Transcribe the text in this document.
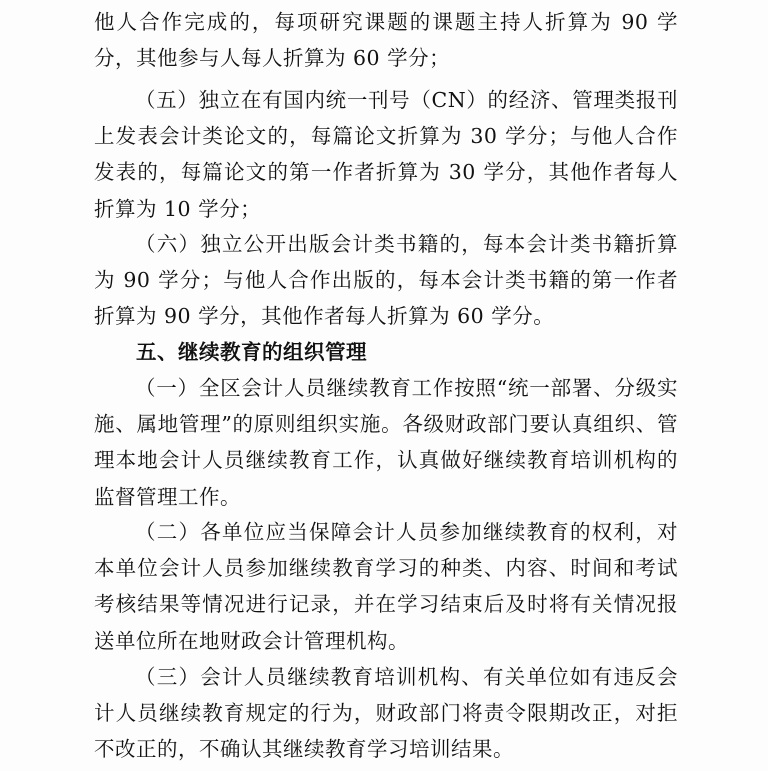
他人合作完成的，每项研究课题的课题主持人折算为 90 学分，其他参与人每人折算为 60 学分；

（五）独立在有国内统一刊号（CN）的经济、管理类报刊上发表会计类论文的，每篇论文折算为 30 学分；与他人合作发表的，每篇论文的第一作者折算为 30 学分，其他作者每人折算为 10 学分；

（六）独立公开出版会计类书籍的，每本会计类书籍折算为 90 学分；与他人合作出版的，每本会计类书籍的第一作者折算为 90 学分，其他作者每人折算为 60 学分。

五、继续教育的组织管理

（一）全区会计人员继续教育工作按照“统一部署、分级实施、属地管理”的原则组织实施。各级财政部门要认真组织、管理本地会计人员继续教育工作，认真做好继续教育培训机构的监督管理工作。

（二）各单位应当保障会计人员参加继续教育的权利，对本单位会计人员参加继续教育学习的种类、内容、时间和考试考核结果等情况进行记录，并在学习结束后及时将有关情况报送单位所在地财政会计管理机构。

（三）会计人员继续教育培训机构、有关单位如有违反会计人员继续教育规定的行为，财政部门将责令限期改正，对拒不改正的，不确认其继续教育学习培训结果。
